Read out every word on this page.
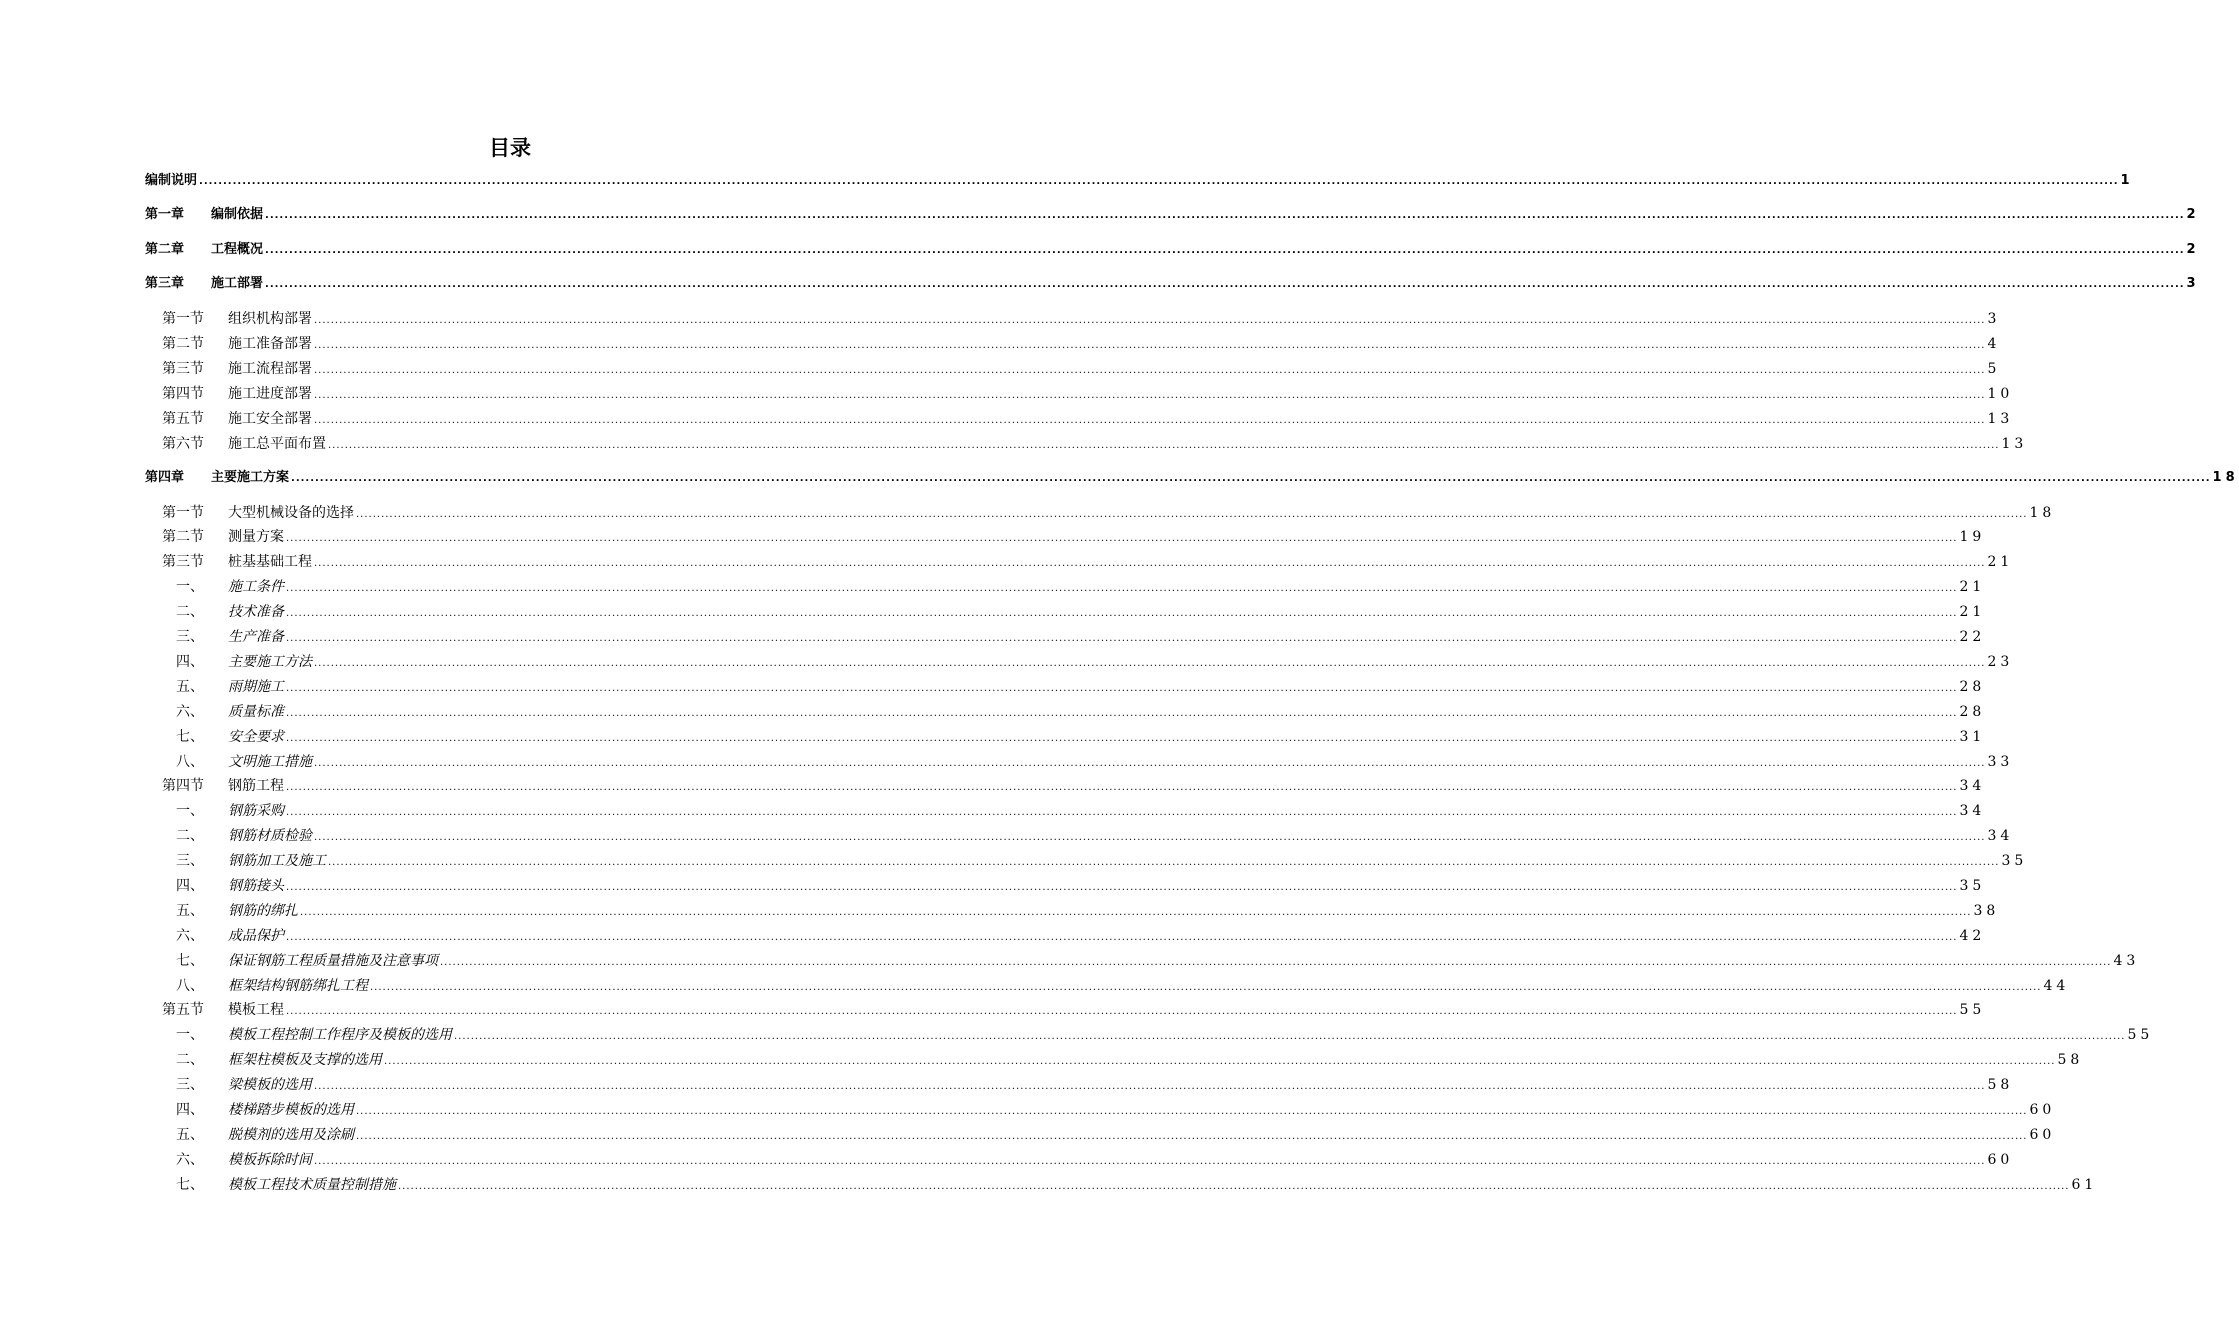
目录
编制说明 ................................................................................................................................................................................................................................................................................................................................................................................................................ 1
第一章	编制依据 ................................................................................................................................................................................................................................................................................................................................................................................................................ 2
第二章	工程概况 ................................................................................................................................................................................................................................................................................................................................................................................................................ 2
第三章	施工部署 ................................................................................................................................................................................................................................................................................................................................................................................................................ 3
第一节	组织机构部署 ................................................................................................................................................................................................................................................................................................................................................................................................................ 3
第二节	施工准备部署 ................................................................................................................................................................................................................................................................................................................................................................................................................ 4
第三节	施工流程部署 ................................................................................................................................................................................................................................................................................................................................................................................................................ 5
第四节	施工进度部署 ................................................................................................................................................................................................................................................................................................................................................................................................................ 10
第五节	施工安全部署 ................................................................................................................................................................................................................................................................................................................................................................................................................ 13
第六节	施工总平面布置 ................................................................................................................................................................................................................................................................................................................................................................................................................ 13
第四章	主要施工方案 ................................................................................................................................................................................................................................................................................................................................................................................................................ 18
第一节	大型机械设备的选择 ................................................................................................................................................................................................................................................................................................................................................................................................................ 18
第二节	测量方案 ................................................................................................................................................................................................................................................................................................................................................................................................................ 19
第三节	桩基基础工程 ................................................................................................................................................................................................................................................................................................................................................................................................................ 21
一、	施工条件 ................................................................................................................................................................................................................................................................................................................................................................................................................ 21
二、	技术准备 ................................................................................................................................................................................................................................................................................................................................................................................................................ 21
三、	生产准备 ................................................................................................................................................................................................................................................................................................................................................................................................................ 22
四、	主要施工方法 ................................................................................................................................................................................................................................................................................................................................................................................................................ 23
五、	雨期施工 ................................................................................................................................................................................................................................................................................................................................................................................................................ 28
六、	质量标准 ................................................................................................................................................................................................................................................................................................................................................................................................................ 28
七、	安全要求 ................................................................................................................................................................................................................................................................................................................................................................................................................ 31
八、	文明施工措施 ................................................................................................................................................................................................................................................................................................................................................................................................................ 33
第四节	钢筋工程 ................................................................................................................................................................................................................................................................................................................................................................................................................ 34
一、	钢筋采购 ................................................................................................................................................................................................................................................................................................................................................................................................................ 34
二、	钢筋材质检验 ................................................................................................................................................................................................................................................................................................................................................................................................................ 34
三、	钢筋加工及施工 ................................................................................................................................................................................................................................................................................................................................................................................................................ 35
四、	钢筋接头 ................................................................................................................................................................................................................................................................................................................................................................................................................ 35
五、	钢筋的绑扎 ................................................................................................................................................................................................................................................................................................................................................................................................................ 38
六、	成品保护 ................................................................................................................................................................................................................................................................................................................................................................................................................ 42
七、	保证钢筋工程质量措施及注意事项 ................................................................................................................................................................................................................................................................................................................................................................................................................ 43
八、	框架结构钢筋绑扎工程 ................................................................................................................................................................................................................................................................................................................................................................................................................ 44
第五节	模板工程 ................................................................................................................................................................................................................................................................................................................................................................................................................ 55
一、	模板工程控制工作程序及模板的选用 ................................................................................................................................................................................................................................................................................................................................................................................................................ 55
二、	框架柱模板及支撑的选用 ................................................................................................................................................................................................................................................................................................................................................................................................................ 58
三、	梁模板的选用 ................................................................................................................................................................................................................................................................................................................................................................................................................ 58
四、	楼梯踏步模板的选用 ................................................................................................................................................................................................................................................................................................................................................................................................................ 60
五、	脱模剂的选用及涂刷 ................................................................................................................................................................................................................................................................................................................................................................................................................ 60
六、	模板拆除时间 ................................................................................................................................................................................................................................................................................................................................................................................................................ 60
七、	模板工程技术质量控制措施 ................................................................................................................................................................................................................................................................................................................................................................................................................ 61
